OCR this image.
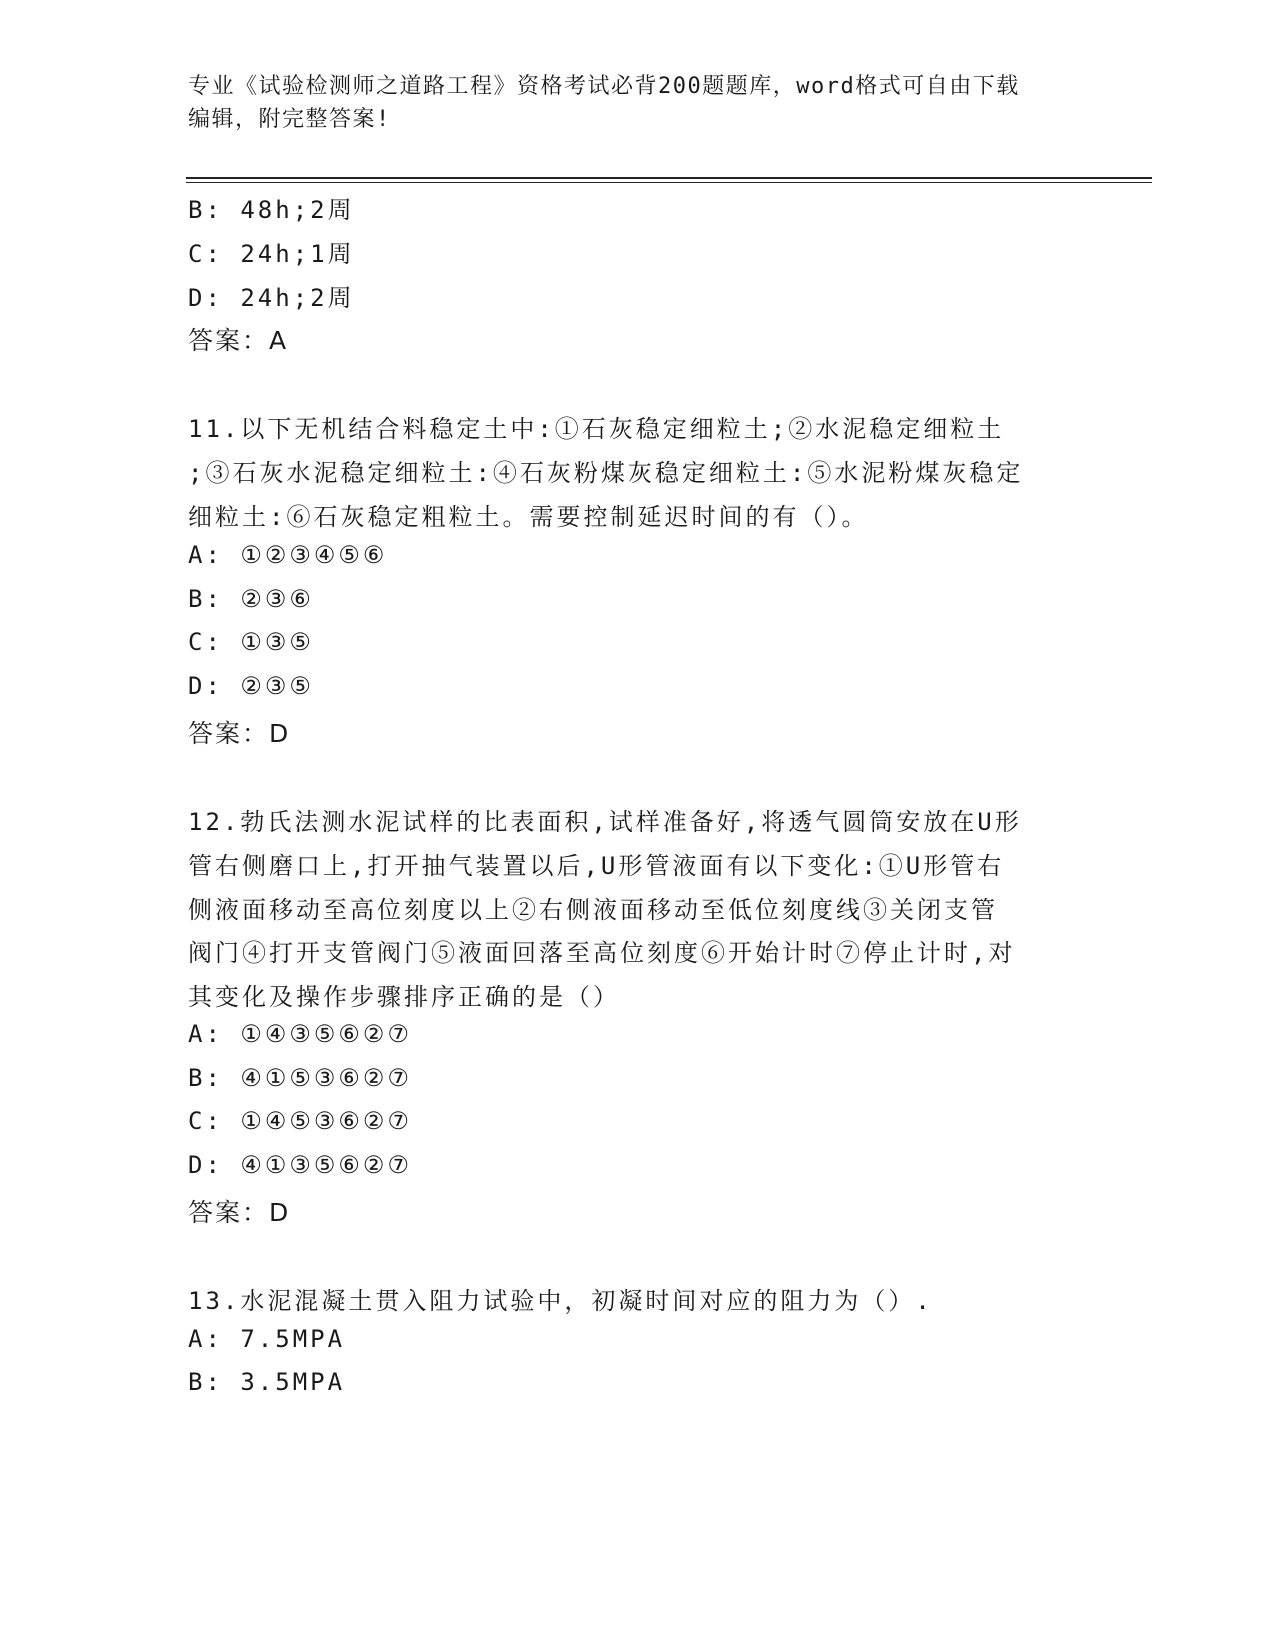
专业《试验检测师之道路工程》资格考试必背200题题库，word格式可自由下载
编辑，附完整答案!
B: 48h;2周
C: 24h;1周
D: 24h;2周
答案：A
11.以下无机结合料稳定土中:①石灰稳定细粒土;②水泥稳定细粒土
;③石灰水泥稳定细粒土:④石灰粉煤灰稳定细粒土:⑤水泥粉煤灰稳定
细粒土:⑥石灰稳定粗粒土。需要控制延迟时间的有（）。
A: ①②③④⑤⑥
B: ②③⑥
C: ①③⑤
D: ②③⑤
答案：D
12.勃氏法测水泥试样的比表面积,试样准备好,将透气圆筒安放在U形
管右侧磨口上,打开抽气装置以后,U形管液面有以下变化:①U形管右
侧液面移动至高位刻度以上②右侧液面移动至低位刻度线③关闭支管
阀门④打开支管阀门⑤液面回落至高位刻度⑥开始计时⑦停止计时,对
其变化及操作步骤排序正确的是（）
A: ①④③⑤⑥②⑦
B: ④①⑤③⑥②⑦
C: ①④⑤③⑥②⑦
D: ④①③⑤⑥②⑦
答案：D
13.水泥混凝土贯入阻力试验中，初凝时间对应的阻力为（）.
A: 7.5MPA
B: 3.5MPA
